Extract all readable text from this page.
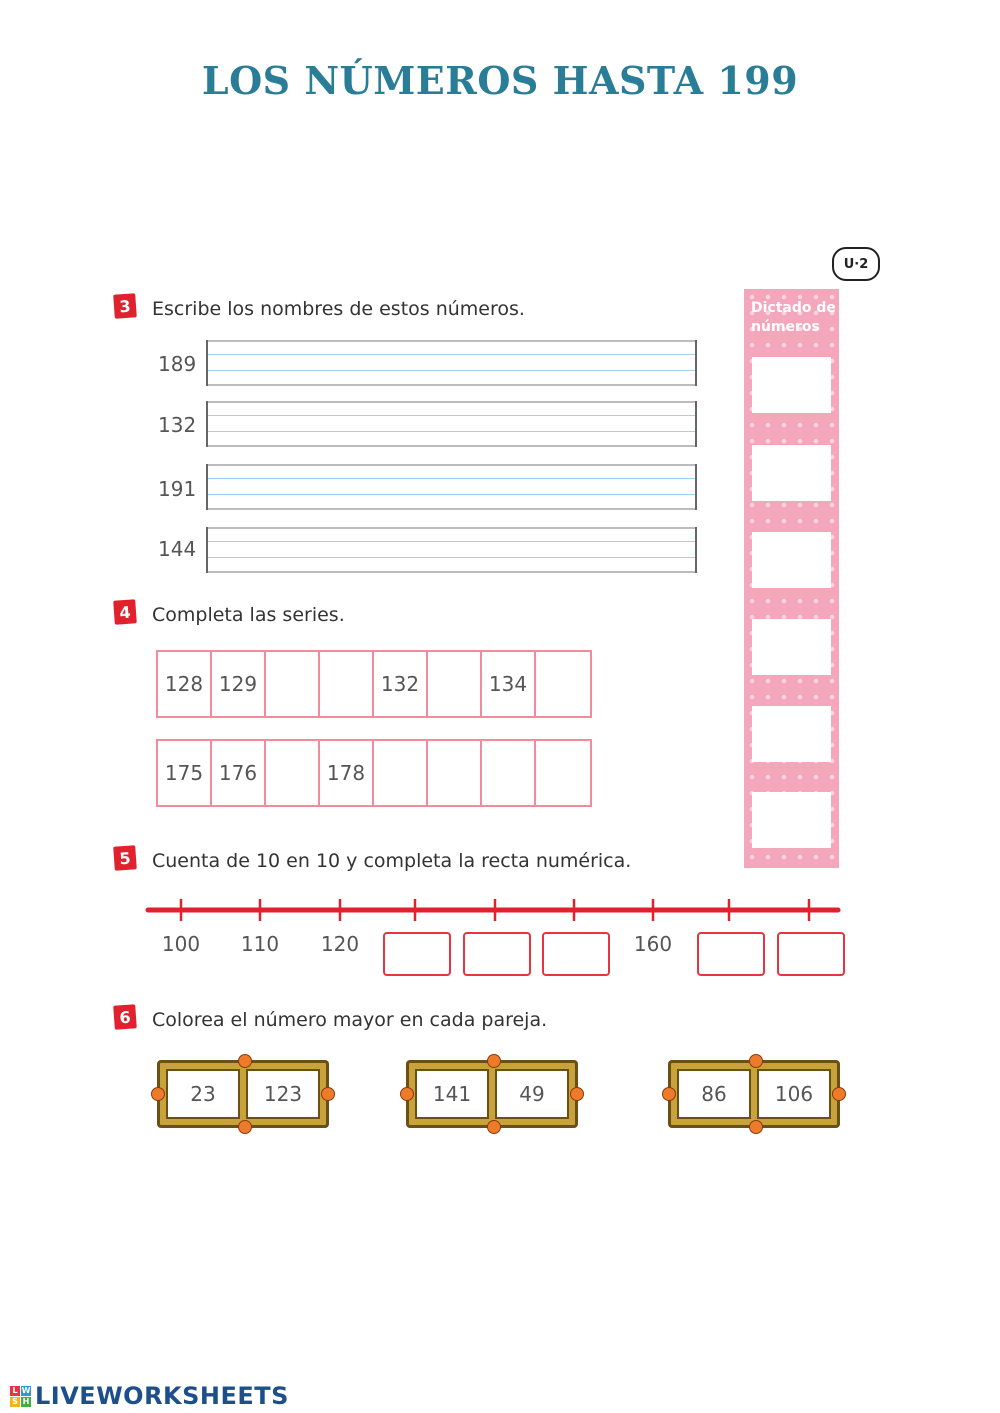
LOS NÚMEROS HASTA 199
U·2
3 Escribe los nombres de estos números.
189
132
191
144
4 Completa las series.
128 129	132	134
175 176	178
Dictado de
números
5 Cuenta de 10 en 10 y completa la recta numérica.
100	110	120	160
6 Colorea el número mayor en cada pareja.
23	123	141	49	86	106
L W
S H LIVEWORKSHEETS
